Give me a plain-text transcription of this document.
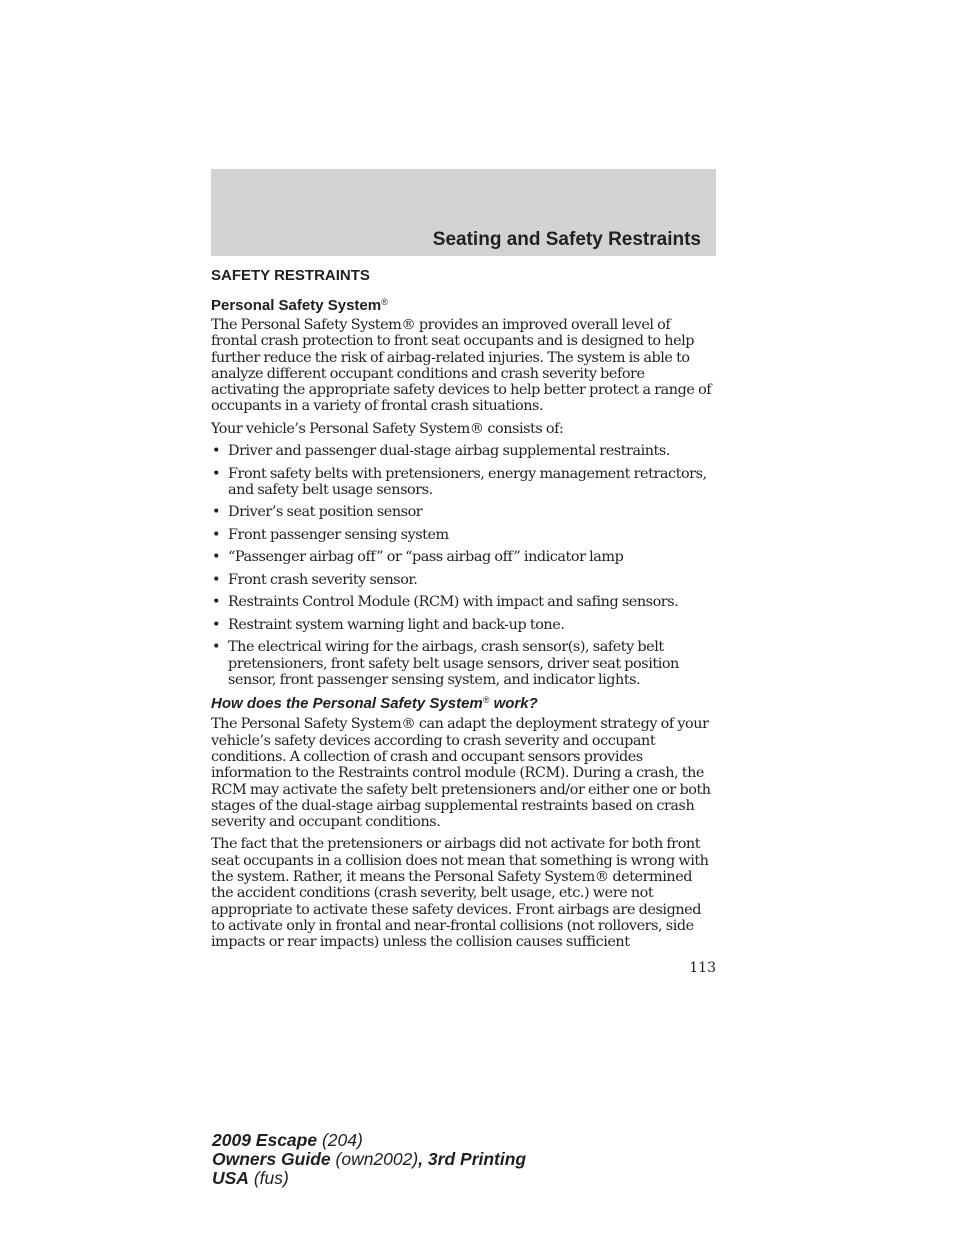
Seating and Safety Restraints
SAFETY RESTRAINTS
Personal Safety System®

The Personal Safety System® provides an improved overall level of frontal crash protection to front seat occupants and is designed to help further reduce the risk of airbag-related injuries. The system is able to analyze different occupant conditions and crash severity before activating the appropriate safety devices to help better protect a range of occupants in a variety of frontal crash situations.

Your vehicle’s Personal Safety System® consists of:

• Driver and passenger dual-stage airbag supplemental restraints.
• Front safety belts with pretensioners, energy management retractors, and safety belt usage sensors.
• Driver’s seat position sensor
• Front passenger sensing system
• “Passenger airbag off” or “pass airbag off” indicator lamp
• Front crash severity sensor.
• Restraints Control Module (RCM) with impact and safing sensors.
• Restraint system warning light and back-up tone.
• The electrical wiring for the airbags, crash sensor(s), safety belt pretensioners, front safety belt usage sensors, driver seat position sensor, front passenger sensing system, and indicator lights.
How does the Personal Safety System® work?

The Personal Safety System® can adapt the deployment strategy of your vehicle’s safety devices according to crash severity and occupant conditions. A collection of crash and occupant sensors provides information to the Restraints control module (RCM). During a crash, the RCM may activate the safety belt pretensioners and/or either one or both stages of the dual-stage airbag supplemental restraints based on crash severity and occupant conditions.

The fact that the pretensioners or airbags did not activate for both front seat occupants in a collision does not mean that something is wrong with the system. Rather, it means the Personal Safety System® determined the accident conditions (crash severity, belt usage, etc.) were not appropriate to activate these safety devices. Front airbags are designed to activate only in frontal and near-frontal collisions (not rollovers, side impacts or rear impacts) unless the collision causes sufficient

113
2009 Escape (204)
Owners Guide (own2002), 3rd Printing
USA (fus)
